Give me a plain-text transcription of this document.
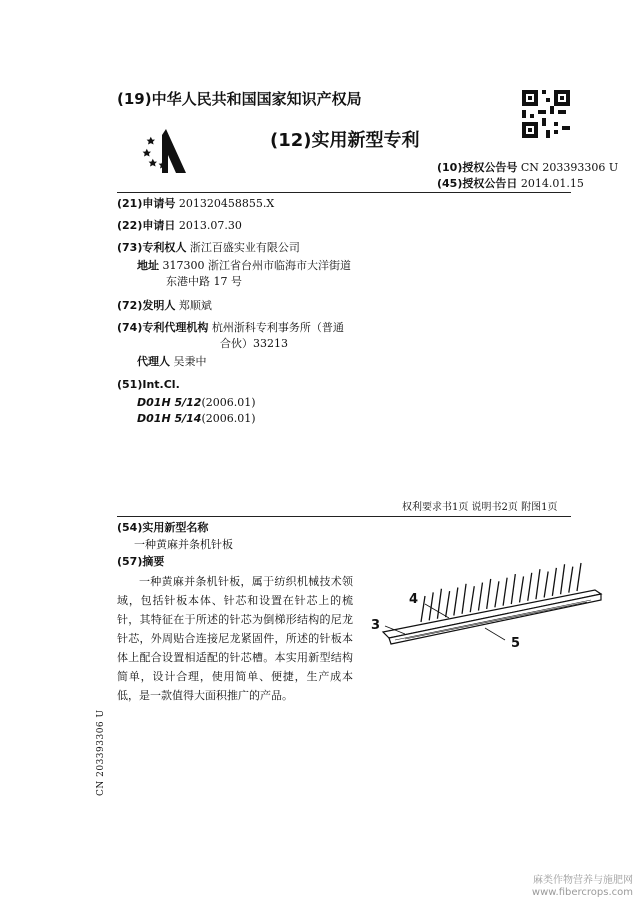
(19)中华人民共和国国家知识产权局
(12)实用新型专利
(10)授权公告号 CN 203393306 U
(45)授权公告日 2014.01.15
(21)申请号 201320458855.X
(22)申请日 2013.07.30
(73)专利权人 浙江百盛实业有限公司
地址 317300 浙江省台州市临海市大洋街道
东港中路 17 号
(72)发明人 郑顺斌
(74)专利代理机构 杭州浙科专利事务所（普通
合伙）33213
代理人 吴秉中
(51)Int.Cl.
D01H 5/12(2006.01)
D01H 5/14(2006.01)
权利要求书1页 说明书2页 附图1页
(54)实用新型名称
一种黄麻并条机针板
(57)摘要
一种黄麻并条机针板，属于纺织机械技术领域，包括针板本体、针芯和设置在针芯上的梳针，其特征在于所述的针芯为倒梯形结构的尼龙针芯，外周贴合连接尼龙紧固件，所述的针板本体上配合设置相适配的针芯槽。本实用新型结构简单，设计合理，使用简单、便捷，生产成本低，是一款值得大面积推广的产品。
4
3
5
CN 203393306 U
麻类作物营养与施肥网
www.fibercrops.com
